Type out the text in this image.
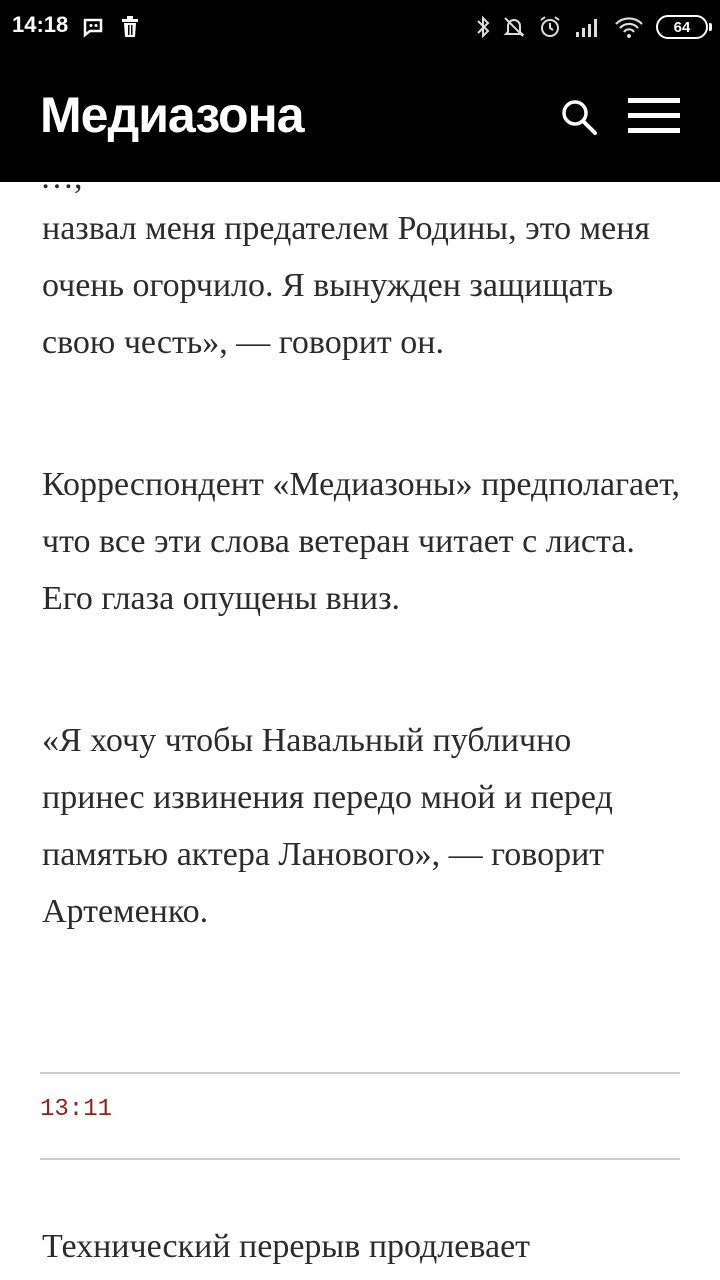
назвал меня предателем Родины, это меня очень огорчило. Я вынужден защищать свою честь», — говорит он.

Корреспондент «Медиазоны» предполагает, что все эти слова ветеран читает с листа. Его глаза опущены вниз.

«Я хочу чтобы Навальный публично принес извинения передо мной и перед памятью актера Ланового», — говорит Артеменко.

13:11

Технический перерыв продлевает

14:18	64
Медиазона
